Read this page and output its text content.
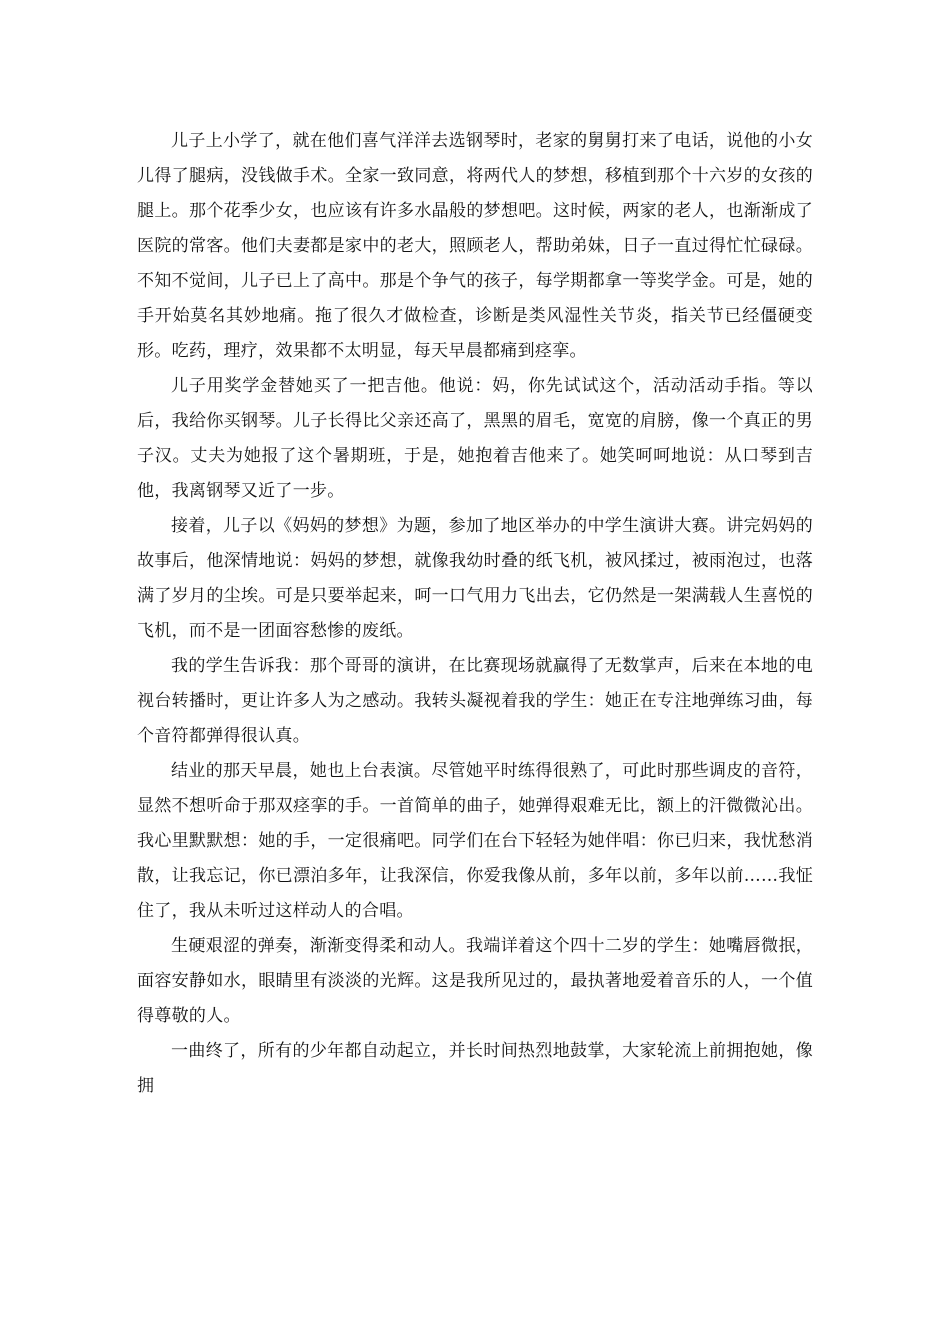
儿子上小学了，就在他们喜气洋洋去选钢琴时，老家的舅舅打来了电话，说他的小女儿得了腿病，没钱做手术。全家一致同意，将两代人的梦想，移植到那个十六岁的女孩的腿上。那个花季少女，也应该有许多水晶般的梦想吧。这时候，两家的老人，也渐渐成了医院的常客。他们夫妻都是家中的老大，照顾老人，帮助弟妹，日子一直过得忙忙碌碌。不知不觉间，儿子已上了高中。那是个争气的孩子，每学期都拿一等奖学金。可是，她的手开始莫名其妙地痛。拖了很久才做检查，诊断是类风湿性关节炎，指关节已经僵硬变形。吃药，理疗，效果都不太明显，每天早晨都痛到痉挛。

儿子用奖学金替她买了一把吉他。他说：妈，你先试试这个，活动活动手指。等以后，我给你买钢琴。儿子长得比父亲还高了，黑黑的眉毛，宽宽的肩膀，像一个真正的男子汉。丈夫为她报了这个暑期班，于是，她抱着吉他来了。她笑呵呵地说：从口琴到吉他，我离钢琴又近了一步。

接着，儿子以《妈妈的梦想》为题，参加了地区举办的中学生演讲大赛。讲完妈妈的故事后，他深情地说：妈妈的梦想，就像我幼时叠的纸飞机，被风揉过，被雨泡过，也落满了岁月的尘埃。可是只要举起来，呵一口气用力飞出去，它仍然是一架满载人生喜悦的飞机，而不是一团面容愁惨的废纸。

我的学生告诉我：那个哥哥的演讲，在比赛现场就赢得了无数掌声，后来在本地的电视台转播时，更让许多人为之感动。我转头凝视着我的学生：她正在专注地弹练习曲，每个音符都弹得很认真。

结业的那天早晨，她也上台表演。尽管她平时练得很熟了，可此时那些调皮的音符，显然不想听命于那双痉挛的手。一首简单的曲子，她弹得艰难无比，额上的汗微微沁出。我心里默默想：她的手，一定很痛吧。同学们在台下轻轻为她伴唱：你已归来，我忧愁消散，让我忘记，你已漂泊多年，让我深信，你爱我像从前，多年以前，多年以前……我怔住了，我从未听过这样动人的合唱。

生硬艰涩的弹奏，渐渐变得柔和动人。我端详着这个四十二岁的学生：她嘴唇微抿，面容安静如水，眼睛里有淡淡的光辉。这是我所见过的，最执著地爱着音乐的人，一个值得尊敬的人。

一曲终了，所有的少年都自动起立，并长时间热烈地鼓掌，大家轮流上前拥抱她，像拥
